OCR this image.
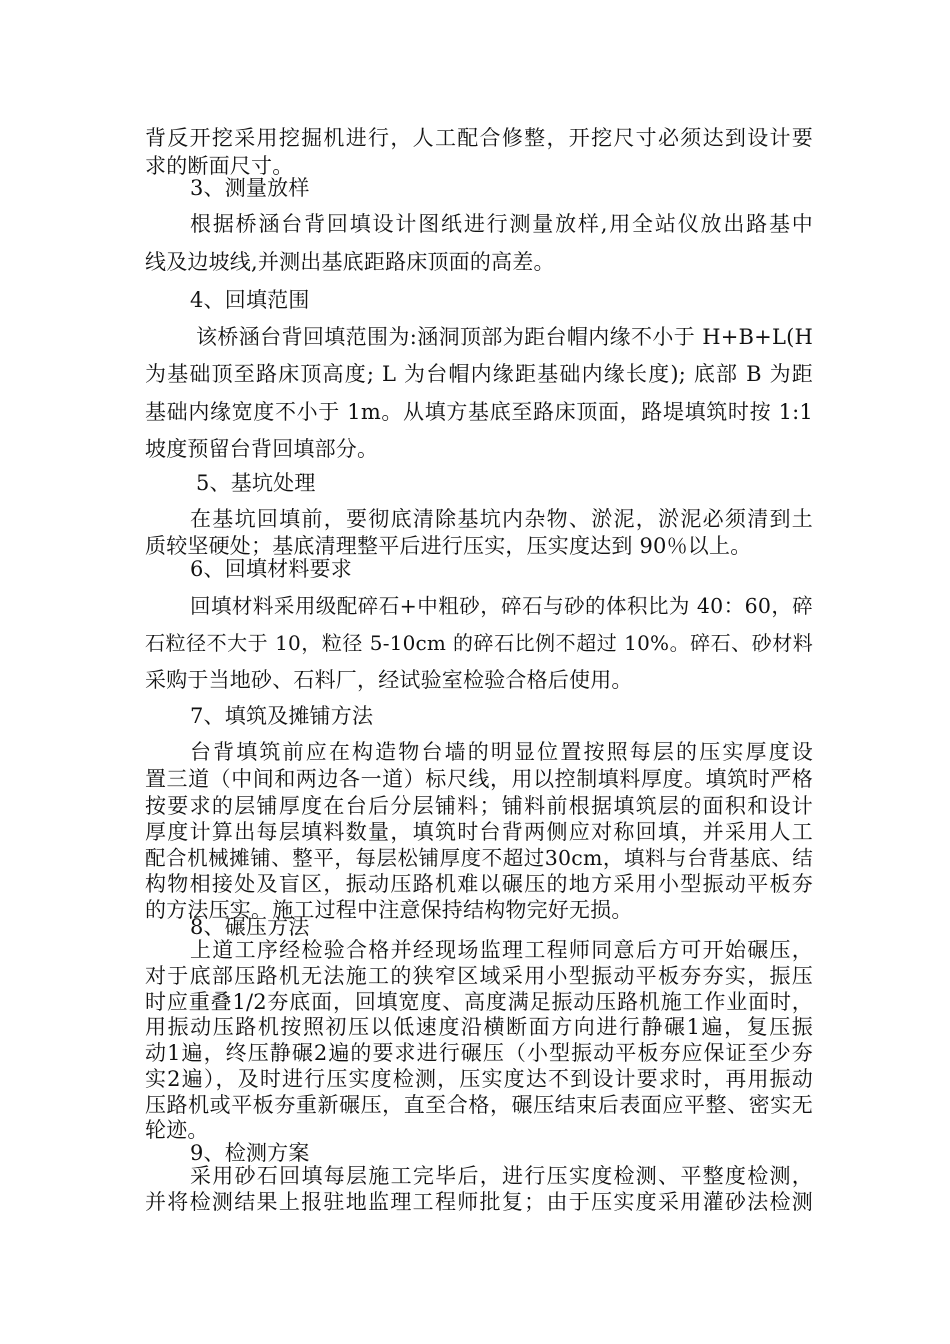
背反开挖采用挖掘机进行，人工配合修整，开挖尺寸必须达到设计要
求的断面尺寸。
3、测量放样
根据桥涵台背回填设计图纸进行测量放样,用全站仪放出路基中
线及边坡线,并测出基底距路床顶面的高差。
4、回填范围
该桥涵台背回填范围为:涵洞顶部为距台帽内缘不小于 H+B+L(H
为基础顶至路床顶高度; L 为台帽内缘距基础内缘长度); 底部 B 为距
基础内缘宽度不小于 1m。从填方基底至路床顶面，路堤填筑时按 1:1
坡度预留台背回填部分。
5、基坑处理
在基坑回填前，要彻底清除基坑内杂物、淤泥，淤泥必须清到土
质较坚硬处；基底清理整平后进行压实，压实度达到 90％以上。
6、回填材料要求
回填材料采用级配碎石+中粗砂，碎石与砂的体积比为 40：60，碎
石粒径不大于 10，粒径 5-10cm 的碎石比例不超过 10%。碎石、砂材料
采购于当地砂、石料厂，经试验室检验合格后使用。
7、填筑及摊铺方法
台背填筑前应在构造物台墙的明显位置按照每层的压实厚度设
置三道（中间和两边各一道）标尺线，用以控制填料厚度。填筑时严格
按要求的层铺厚度在台后分层铺料；铺料前根据填筑层的面积和设计
厚度计算出每层填料数量，填筑时台背两侧应对称回填，并采用人工
配合机械摊铺、整平，每层松铺厚度不超过30cm，填料与台背基底、结
构物相接处及盲区，振动压路机难以碾压的地方采用小型振动平板夯
的方法压实。施工过程中注意保持结构物完好无损。
8、碾压方法
上道工序经检验合格并经现场监理工程师同意后方可开始碾压，
对于底部压路机无法施工的狭窄区域采用小型振动平板夯夯实，振压
时应重叠1/2夯底面，回填宽度、高度满足振动压路机施工作业面时，
用振动压路机按照初压以低速度沿横断面方向进行静碾1遍，复压振
动1遍，终压静碾2遍的要求进行碾压（小型振动平板夯应保证至少夯
实2遍），及时进行压实度检测，压实度达不到设计要求时，再用振动
压路机或平板夯重新碾压，直至合格，碾压结束后表面应平整、密实无
轮迹。
9、检测方案
采用砂石回填每层施工完毕后，进行压实度检测、平整度检测，
并将检测结果上报驻地监理工程师批复；由于压实度采用灌砂法检测
